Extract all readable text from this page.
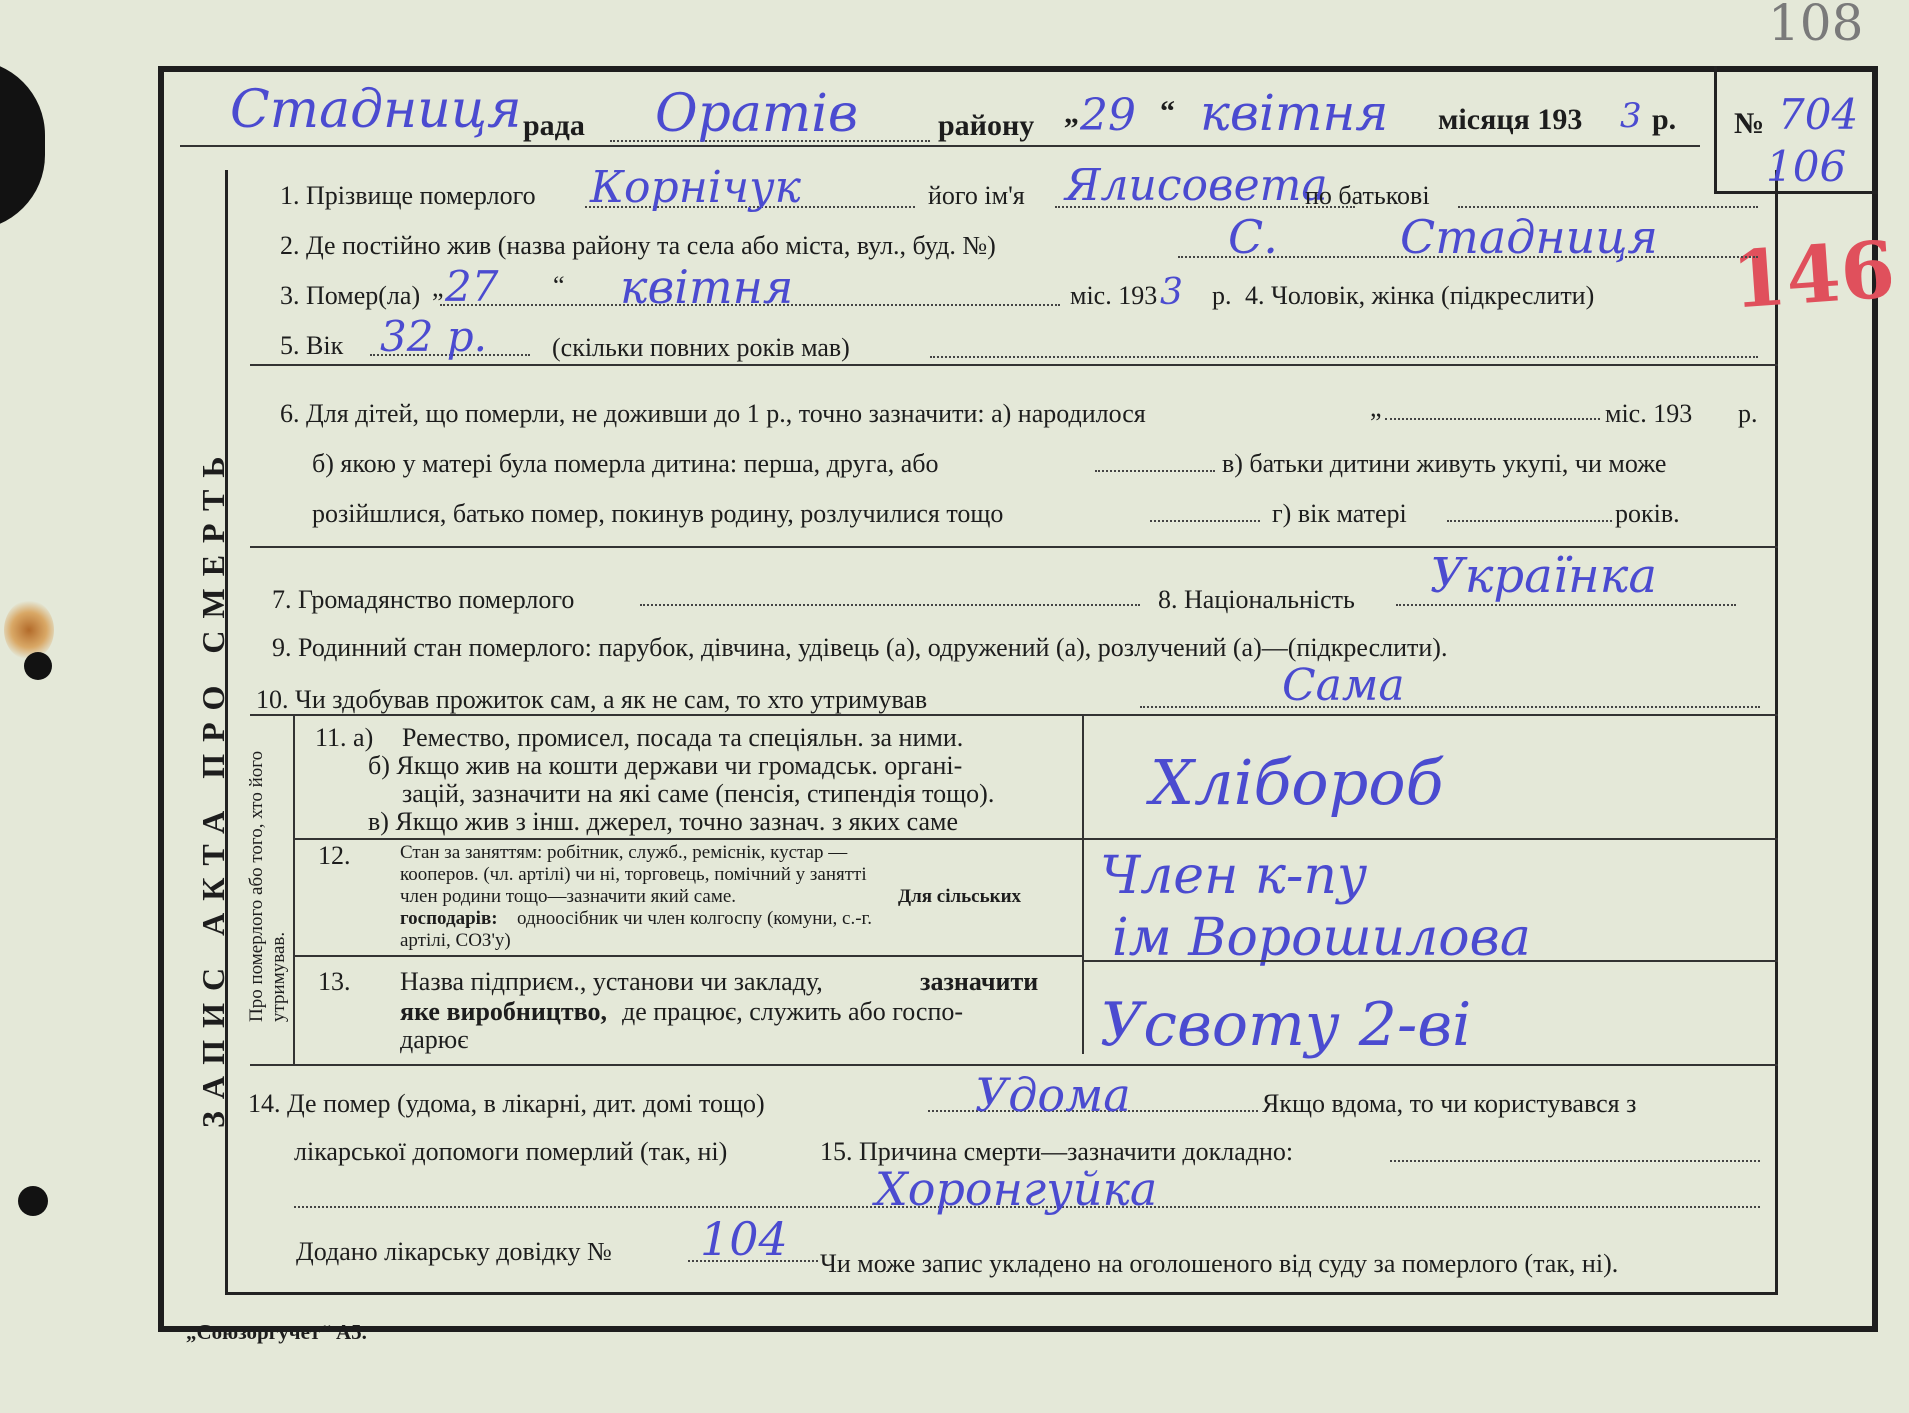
108
146
Стадниця рада Оратів	району „ 29 “ квітня місяця 193 3 р. № 704
106
ЗАПИС АКТА ПРО СМЕРТЬ
1. Прізвище померлого Корнічук	його ім'я Ялисовета
по батькові
2. Де постійно жив (назва району та села або міста, вул., буд. №)	С.	Стадниця
3. Помер(ла) „ 27 “ квітня	міс. 193 3 р. 4. Чоловік, жінка (підкреслити)
5. Вік 32 р. (скільки повних років мав)
6. Для дітей, що померли, не доживши до 1 р., точно зазначити: а) народилося	„	міс. 193 р.
б) якою у матері була померла дитина: перша, друга, або	в) батьки дитини живуть укупі, чи може
розійшлися, батько помер, покинув родину, розлучилися тощо	г) вік матері	років.
7. Громадянство померлого	8. Національність Українка
9. Родинний стан померлого: парубок, дівчина, удівець (а), одружений (а), розлучений (а)—(підкреслити).
10. Чи здобував прожиток сам, а як не сам, то хто утримував	Сама
Про померлого або того, хто його утримував.
11. а) Ремество, промисел, посада та спеціяльн. за ними.
б) Якщо жив на кошти держави чи громадськ. органі-
зацій, зазначити на які саме (пенсія, стипендія тощо).
в) Якщо жив з інш. джерел, точно зазнач. з яких саме
Хлібороб
12.	Стан за заняттям: робітник, служб., реміснік, кустар —
кооперов. (чл. артілі) чи ні, торговець, помічний у занятті
член родини тощо—зазначити який саме.	Для сільських
господарів: одноосібник чи член колгоспу (комуни, с.-г.
артілі, СОЗ'у)
Член к-пу
ім Ворошилова
13. Назва підприєм., установи чи закладу,	зазначити
яке виробництво, де працює, служить або госпо-
дарює	Усвоту 2-ві
14. Де помер (удома, в лікарні, дит. домі тощо)	Удома	Якщо вдома, то чи користувався з
лікарської допомоги померлий (так, ні)	15. Причина смерти—зазначити докладно:
Хоронгуйка
Додано лікарську довідку № 104 Чи може запис укладено на оголошеного від суду за померлого (так, ні).
„Союзоргучет“ А5.
